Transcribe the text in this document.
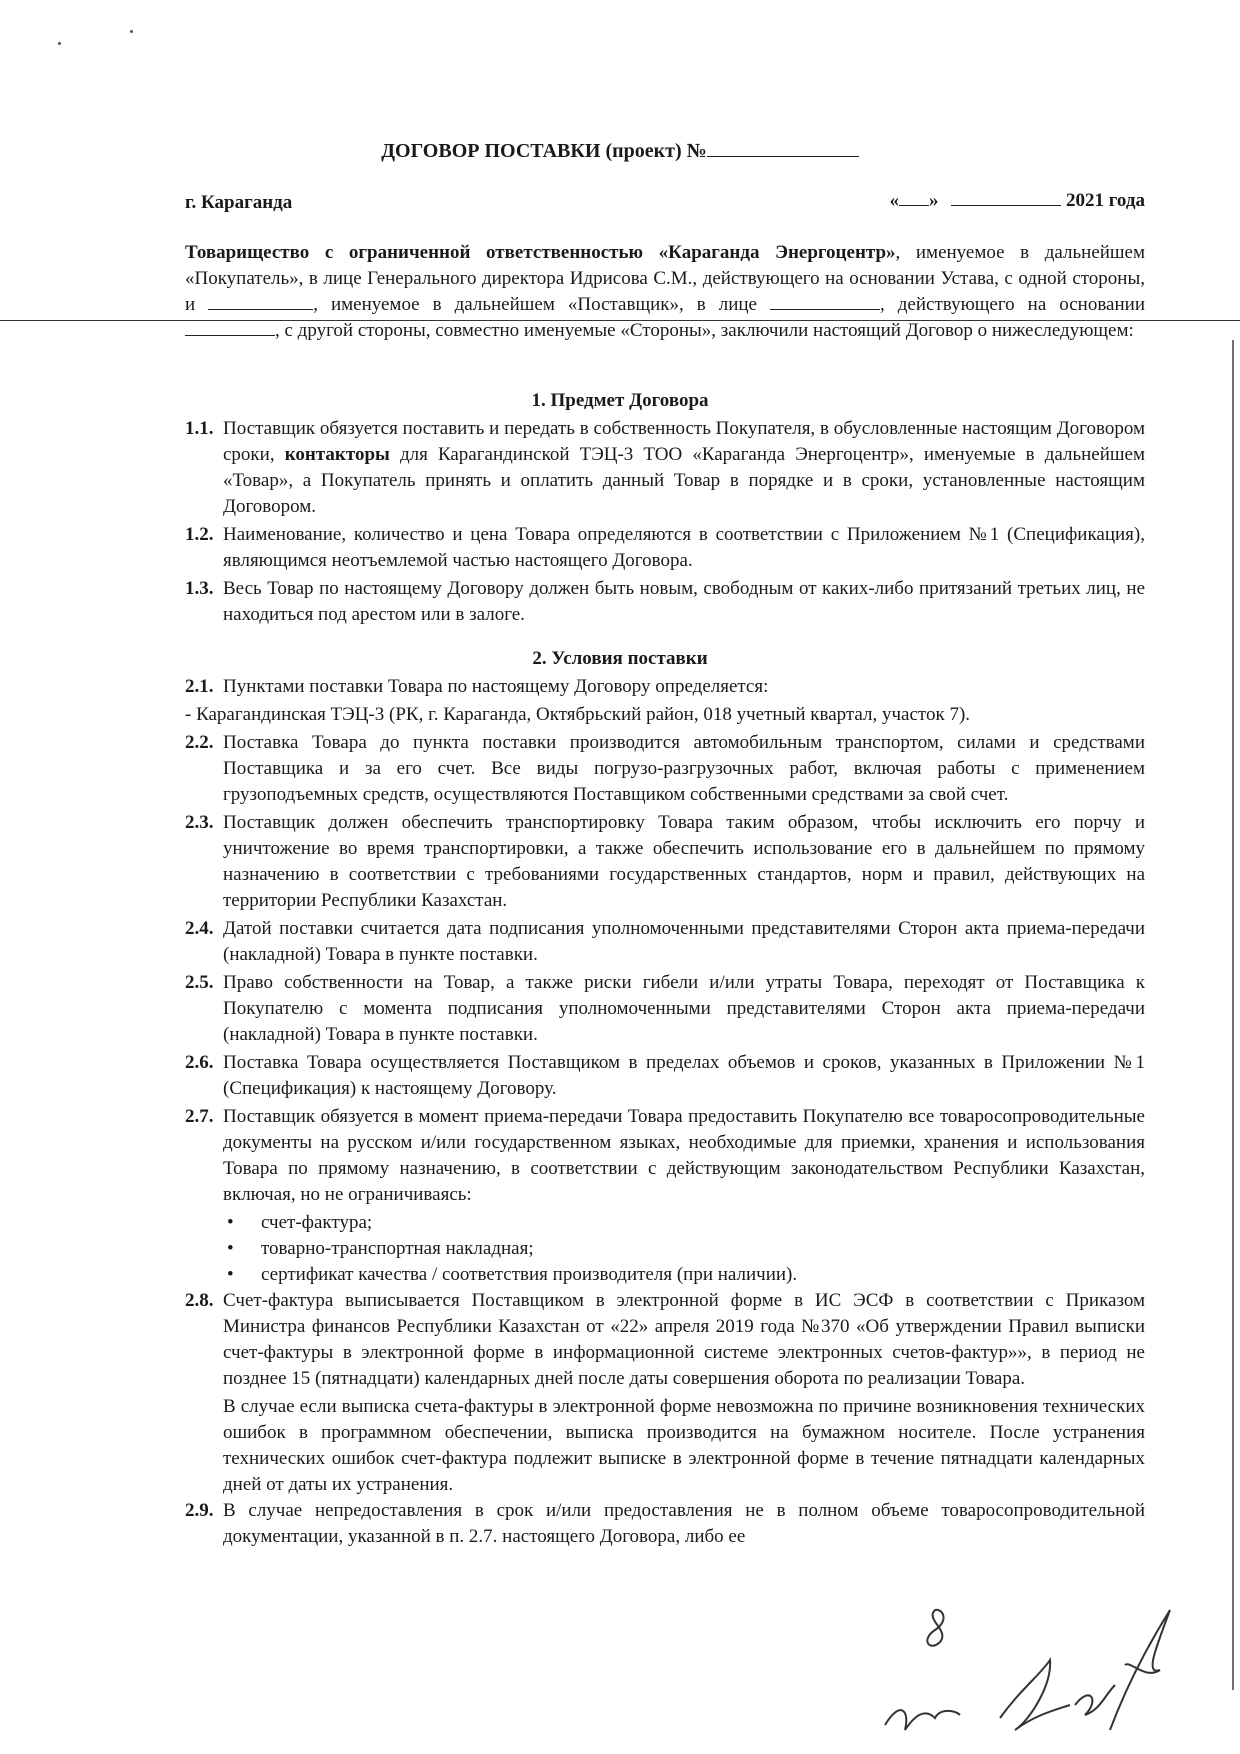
ДОГОВОР ПОСТАВКИ (проект) №
г. Караганда	« »	2021 года
Товарищество с ограниченной ответственностью «Караганда Энергоцентр», именуемое в дальнейшем «Покупатель», в лице Генерального директора Идрисова С.М., действующего на основании Устава, с одной стороны, и	, именуемое в дальнейшем «Поставщик», в лице	, действующего на основании , с другой стороны, совместно именуемые «Стороны», заключили настоящий Договор о нижеследующем:
1. Предмет Договора
1.1. Поставщик обязуется поставить и передать в собственность Покупателя, в обусловленные настоящим Договором сроки, контакторы для Карагандинской ТЭЦ-3 ТОО «Караганда Энергоцентр», именуемые в дальнейшем «Товар», а Покупатель принять и оплатить данный Товар в порядке и в сроки, установленные настоящим Договором.
1.2. Наименование, количество и цена Товара определяются в соответствии с Приложением №1 (Спецификация), являющимся неотъемлемой частью настоящего Договора.
1.3. Весь Товар по настоящему Договору должен быть новым, свободным от каких-либо притязаний третьих лиц, не находиться под арестом или в залоге.
2. Условия поставки
2.1. Пунктами поставки Товара по настоящему Договору определяется:
- Карагандинская ТЭЦ-3 (РК, г. Караганда, Октябрьский район, 018 учетный квартал, участок 7).
2.2. Поставка Товара до пункта поставки производится автомобильным транспортом, силами и средствами Поставщика и за его счет. Все виды погрузо-разгрузочных работ, включая работы с применением грузоподъемных средств, осуществляются Поставщиком собственными средствами за свой счет.
2.3. Поставщик должен обеспечить транспортировку Товара таким образом, чтобы исключить его порчу и уничтожение во время транспортировки, а также обеспечить использование его в дальнейшем по прямому назначению в соответствии с требованиями государственных стандартов, норм и правил, действующих на территории Республики Казахстан.
2.4. Датой поставки считается дата подписания уполномоченными представителями Сторон акта приема-передачи (накладной) Товара в пункте поставки.
2.5. Право собственности на Товар, а также риски гибели и/или утраты Товара, переходят от Поставщика к Покупателю с момента подписания уполномоченными представителями Сторон акта приема-передачи (накладной) Товара в пункте поставки.
2.6. Поставка Товара осуществляется Поставщиком в пределах объемов и сроков, указанных в Приложении №1 (Спецификация) к настоящему Договору.
2.7. Поставщик обязуется в момент приема-передачи Товара предоставить Покупателю все товаросопроводительные документы на русском и/или государственном языках, необходимые для приемки, хранения и использования Товара по прямому назначению, в соответствии с действующим законодательством Республики Казахстан, включая, но не ограничиваясь:
• счет-фактура;
• товарно-транспортная накладная;
• сертификат качества / соответствия производителя (при наличии).
2.8. Счет-фактура выписывается Поставщиком в электронной форме в ИС ЭСФ в соответствии с Приказом Министра финансов Республики Казахстан от «22» апреля 2019 года №370 «Об утверждении Правил выписки счет-фактуры в электронной форме в информационной системе электронных счетов-фактур»», в период не позднее 15 (пятнадцати) календарных дней после даты совершения оборота по реализации Товара.
В случае если выписка счета-фактуры в электронной форме невозможна по причине возникновения технических ошибок в программном обеспечении, выписка производится на бумажном носителе. После устранения технических ошибок счет-фактура подлежит выписке в электронной форме в течение пятнадцати календарных дней от даты их устранения.
2.9. В случае непредоставления в срок и/или предоставления не в полном объеме товаросопроводительной документации, указанной в п. 2.7. настоящего Договора, либо ее
